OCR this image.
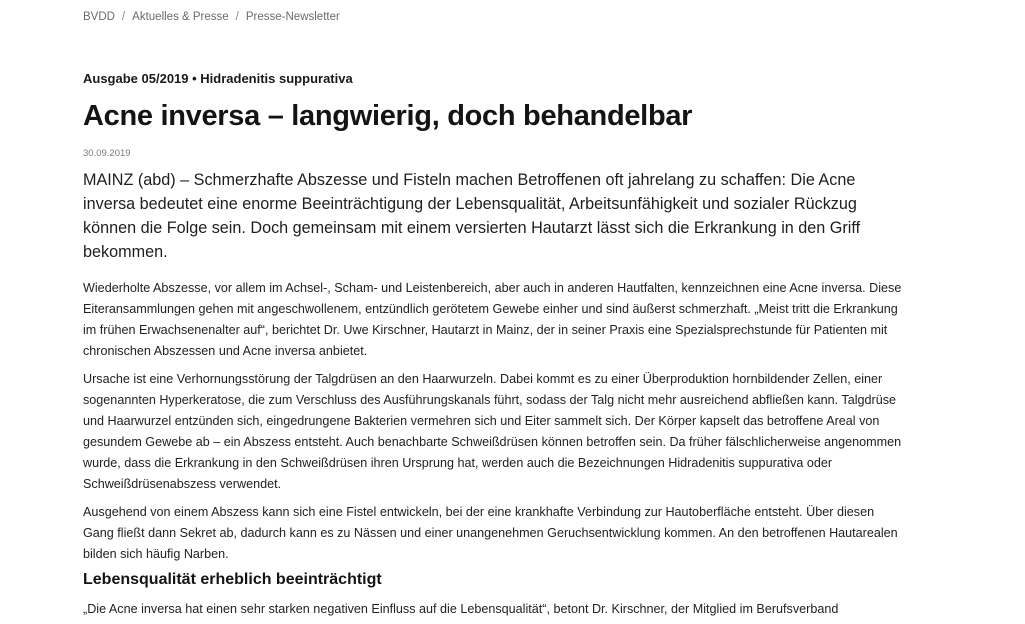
BVDD / Aktuelles & Presse / Presse-Newsletter

Ausgabe 05/2019 • Hidradenitis suppurativa

Acne inversa – langwierig, doch behandelbar
30.09.2019

MAINZ (abd) – Schmerzhafte Abszesse und Fisteln machen Betroffenen oft jahrelang zu schaffen: Die Acne inversa bedeutet eine enorme Beeinträchtigung der Lebensqualität, Arbeitsunfähigkeit und sozialer Rückzug können die Folge sein. Doch gemeinsam mit einem versierten Hautarzt lässt sich die Erkrankung in den Griff bekommen.

Wiederholte Abszesse, vor allem im Achsel-, Scham- und Leistenbereich, aber auch in anderen Hautfalten, kennzeichnen eine Acne inversa. Diese Eiteransammlungen gehen mit angeschwollenem, entzündlich gerötetem Gewebe einher und sind äußerst schmerzhaft. „Meist tritt die Erkrankung im frühen Erwachsenenalter auf“, berichtet Dr. Uwe Kirschner, Hautarzt in Mainz, der in seiner Praxis eine Spezialsprechstunde für Patienten mit chronischen Abszessen und Acne inversa anbietet.

Ursache ist eine Verhornungsstörung der Talgdrüsen an den Haarwurzeln. Dabei kommt es zu einer Überproduktion hornbildender Zellen, einer sogenannten Hyperkeratose, die zum Verschluss des Ausführungskanals führt, sodass der Talg nicht mehr ausreichend abfließen kann. Talgdrüse und Haarwurzel entzünden sich, eingedrungene Bakterien vermehren sich und Eiter sammelt sich. Der Körper kapselt das betroffene Areal von gesundem Gewebe ab – ein Abszess entsteht. Auch benachbarte Schweißdrüsen können betroffen sein. Da früher fälschlicherweise angenommen wurde, dass die Erkrankung in den Schweißdrüsen ihren Ursprung hat, werden auch die Bezeichnungen Hidradenitis suppurativa oder Schweißdrüsenabszess verwendet.

Ausgehend von einem Abszess kann sich eine Fistel entwickeln, bei der eine krankhafte Verbindung zur Hautoberfläche entsteht. Über diesen Gang fließt dann Sekret ab, dadurch kann es zu Nässen und einer unangenehmen Geruchsentwicklung kommen. An den betroffenen Hautarealen bilden sich häufig Narben.

Lebensqualität erheblich beeinträchtigt

„Die Acne inversa hat einen sehr starken negativen Einfluss auf die Lebensqualität“, betont Dr. Kirschner, der Mitglied im Berufsverband
